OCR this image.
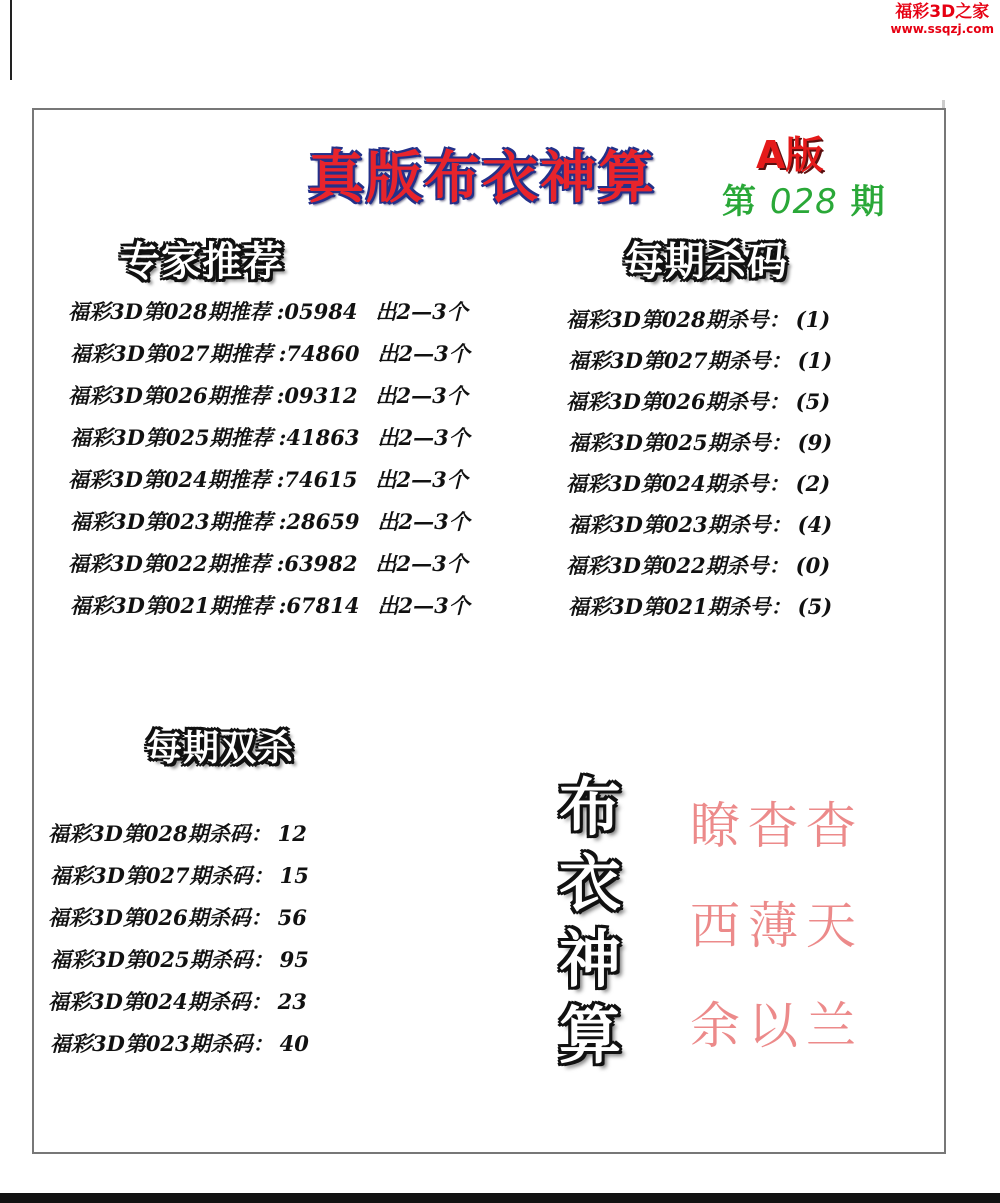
福彩3D之家
www.ssqzj.com
真版布衣神算	A版
第 028 期
专家推荐	每期杀码
每期双杀
福彩3D第028期推荐 :05984 出2—3个
福彩3D第027期推荐 :74860 出2—3个
福彩3D第026期推荐 :09312 出2—3个
福彩3D第025期推荐 :41863 出2—3个
福彩3D第024期推荐 :74615 出2—3个
福彩3D第023期推荐 :28659 出2—3个
福彩3D第022期推荐 :63982 出2—3个
福彩3D第021期推荐 :67814 出2—3个
福彩3D第028期杀号： (1)
福彩3D第027期杀号： (1)
福彩3D第026期杀号： (5)
福彩3D第025期杀号： (9)
福彩3D第024期杀号： (2)
福彩3D第023期杀号： (4)
福彩3D第022期杀号： (0)
福彩3D第021期杀号： (5)
福彩3D第028期杀码： 12
福彩3D第027期杀码： 15
福彩3D第026期杀码： 56
福彩3D第025期杀码： 95
福彩3D第024期杀码： 23
福彩3D第023期杀码： 40
布
衣
神
算
瞭杳杳
西薄天
余以兰
